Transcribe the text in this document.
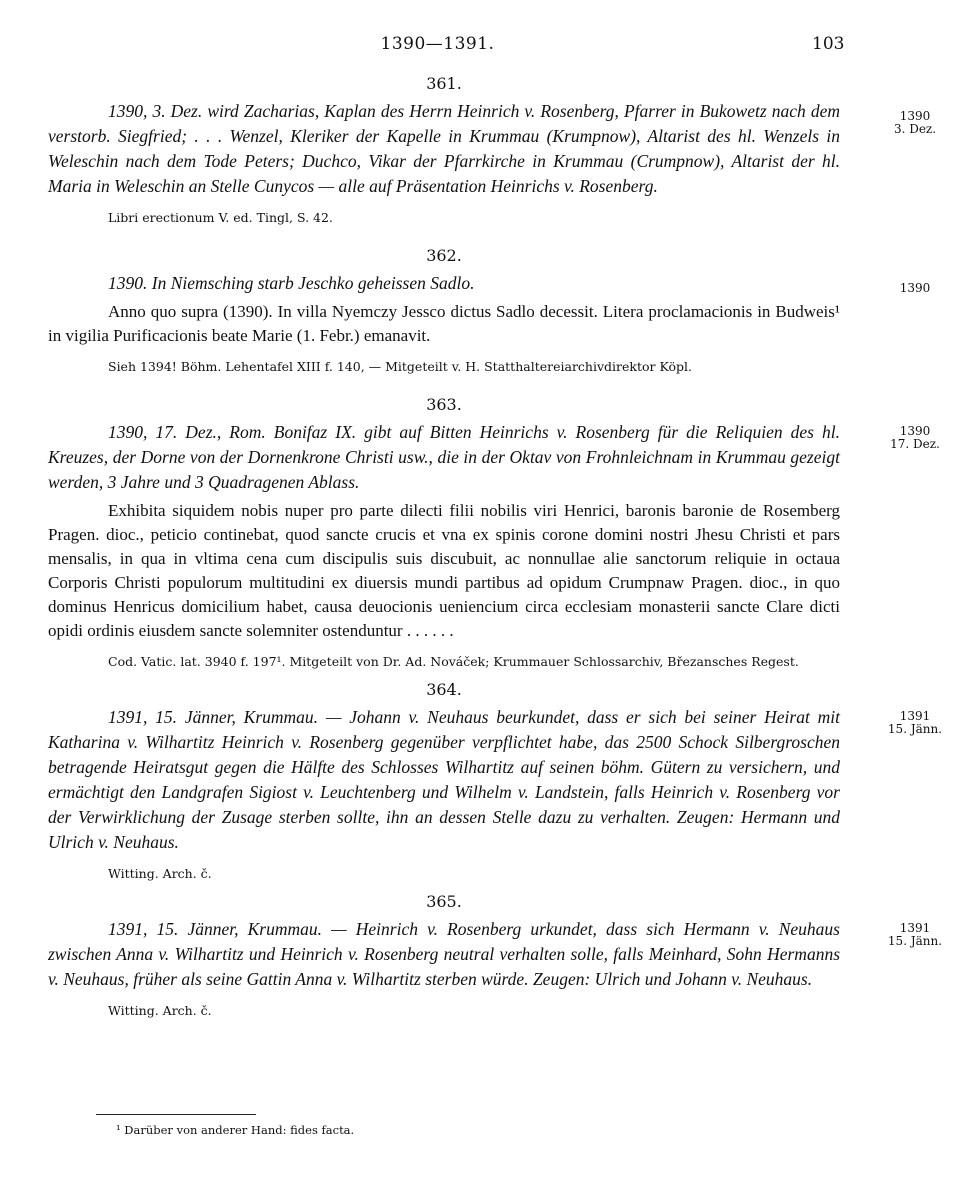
1390—1391.	103
361.
1390
3. Dez.

1390, 3. Dez. wird Zacharias, Kaplan des Herrn Heinrich v. Rosenberg, Pfarrer in Bukowetz nach dem verstorb. Siegfried; . . . Wenzel, Kleriker der Kapelle in Krummau (Krumpnow), Altarist des hl. Wenzels in Weleschin nach dem Tode Peters; Duchco, Vikar der Pfarrkirche in Krummau (Crumpnow), Altarist der hl. Maria in Weleschin an Stelle Cunycos — alle auf Präsentation Heinrichs v. Rosenberg.

Libri erectionum V. ed. Tingl, S. 42.

362.
1390

1390. In Niemsching starb Jeschko geheissen Sadlo.

Anno quo supra (1390). In villa Nyemczy Jessco dictus Sadlo decessit. Litera proclamacionis in Budweis¹ in vigilia Purificacionis beate Marie (1. Febr.) emanavit.

Sieh 1394! Böhm. Lehentafel XIII f. 140, — Mitgeteilt v. H. Statthaltereiarchivdirektor Köpl.

363.
1390
17. Dez.

1390, 17. Dez., Rom. Bonifaz IX. gibt auf Bitten Heinrichs v. Rosenberg für die Reliquien des hl. Kreuzes, der Dorne von der Dornenkrone Christi usw., die in der Oktav von Frohnleichnam in Krummau gezeigt werden, 3 Jahre und 3 Quadragenen Ablass.

Exhibita siquidem nobis nuper pro parte dilecti filii nobilis viri Henrici, baronis baronie de Rosemberg Pragen. dioc., peticio continebat, quod sancte crucis et vna ex spinis corone domini nostri Jhesu Christi et pars mensalis, in qua in vltima cena cum discipulis suis discubuit, ac nonnullae alie sanctorum reliquie in octaua Corporis Christi populorum multitudini ex diuersis mundi partibus ad opidum Crumpnaw Pragen. dioc., in quo dominus Henricus domicilium habet, causa deuocionis ueniencium circa ecclesiam monasterii sancte Clare dicti opidi ordinis eiusdem sancte solemniter ostenduntur . . . . . .

Cod. Vatic. lat. 3940 f. 197¹. Mitgeteilt von Dr. Ad. Nováček; Krummauer Schlossarchiv, Březansches Regest.

364.
1391
15. Jänn.

1391, 15. Jänner, Krummau. — Johann v. Neuhaus beurkundet, dass er sich bei seiner Heirat mit Katharina v. Wilhartitz Heinrich v. Rosenberg gegenüber verpflichtet habe, das 2500 Schock Silbergroschen betragende Heiratsgut gegen die Hälfte des Schlosses Wilhartitz auf seinen böhm. Gütern zu versichern, und ermächtigt den Landgrafen Sigiost v. Leuchtenberg und Wilhelm v. Landstein, falls Heinrich v. Rosenberg vor der Verwirklichung der Zusage sterben sollte, ihn an dessen Stelle dazu zu verhalten. Zeugen: Hermann und Ulrich v. Neuhaus.

Witting. Arch. č.

365.
1391
15. Jänn.

1391, 15. Jänner, Krummau. — Heinrich v. Rosenberg urkundet, dass sich Hermann v. Neuhaus zwischen Anna v. Wilhartitz und Heinrich v. Rosenberg neutral verhalten solle, falls Meinhard, Sohn Hermanns v. Neuhaus, früher als seine Gattin Anna v. Wilhartitz sterben würde. Zeugen: Ulrich und Johann v. Neuhaus.

Witting. Arch. č.

¹ Darüber von anderer Hand: fides facta.
